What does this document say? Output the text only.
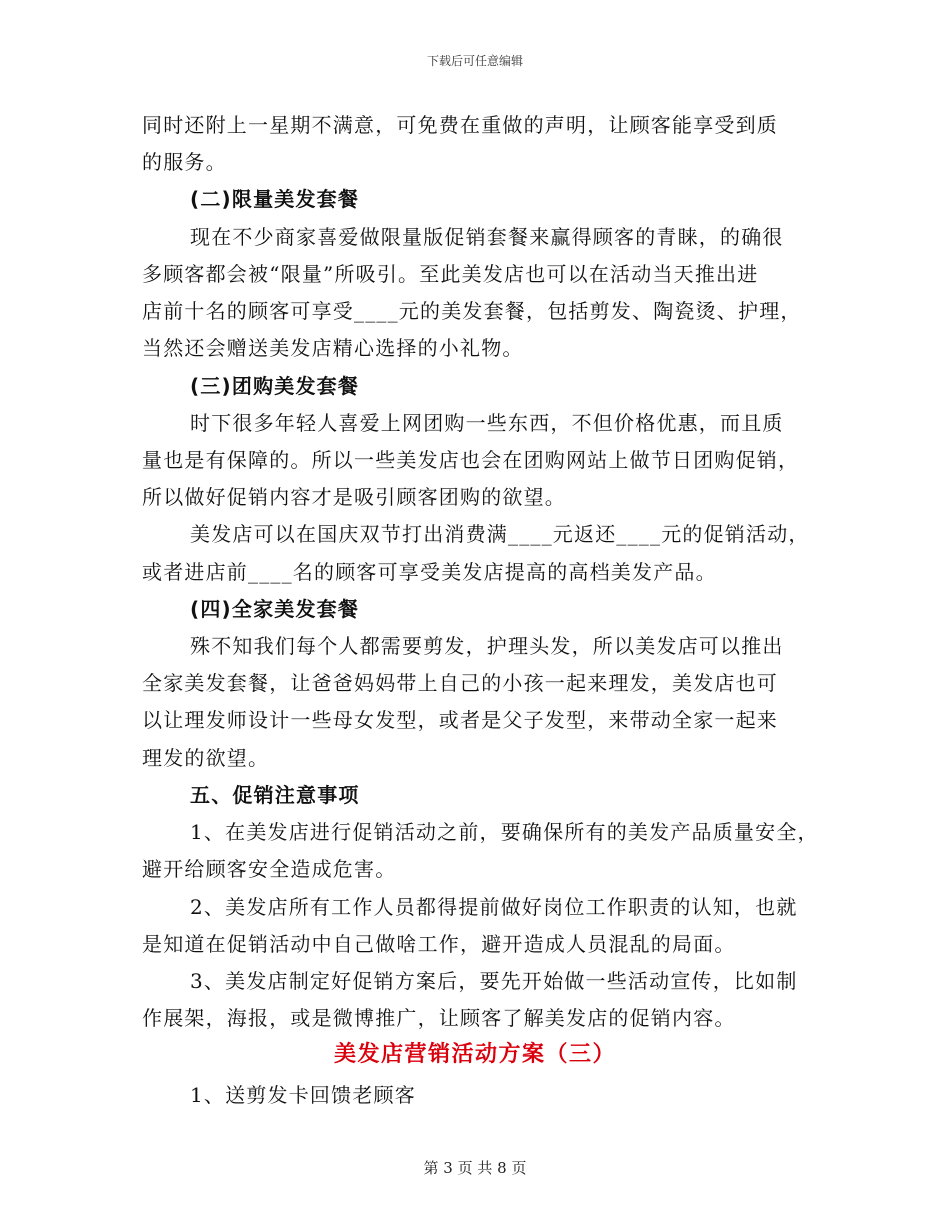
下载后可任意编辑
同时还附上一星期不满意，可免费在重做的声明，让顾客能享受到质
的服务。
(二)限量美发套餐
现在不少商家喜爱做限量版促销套餐来赢得顾客的青睐，的确很
多顾客都会被“限量”所吸引。至此美发店也可以在活动当天推出进
店前十名的顾客可享受____元的美发套餐，包括剪发、陶瓷烫、护理，
当然还会赠送美发店精心选择的小礼物。
(三)团购美发套餐
时下很多年轻人喜爱上网团购一些东西，不但价格优惠，而且质
量也是有保障的。所以一些美发店也会在团购网站上做节日团购促销，
所以做好促销内容才是吸引顾客团购的欲望。
美发店可以在国庆双节打出消费满____元返还____元的促销活动，
或者进店前____名的顾客可享受美发店提高的高档美发产品。
(四)全家美发套餐
殊不知我们每个人都需要剪发，护理头发，所以美发店可以推出
全家美发套餐，让爸爸妈妈带上自己的小孩一起来理发，美发店也可
以让理发师设计一些母女发型，或者是父子发型，来带动全家一起来
理发的欲望。
五、促销注意事项
1、在美发店进行促销活动之前，要确保所有的美发产品质量安全，
避开给顾客安全造成危害。
2、美发店所有工作人员都得提前做好岗位工作职责的认知，也就
是知道在促销活动中自己做啥工作，避开造成人员混乱的局面。
3、美发店制定好促销方案后，要先开始做一些活动宣传，比如制
作展架，海报，或是微博推广，让顾客了解美发店的促销内容。
美发店营销活动方案（三）
1、送剪发卡回馈老顾客
第 3 页 共 8 页
